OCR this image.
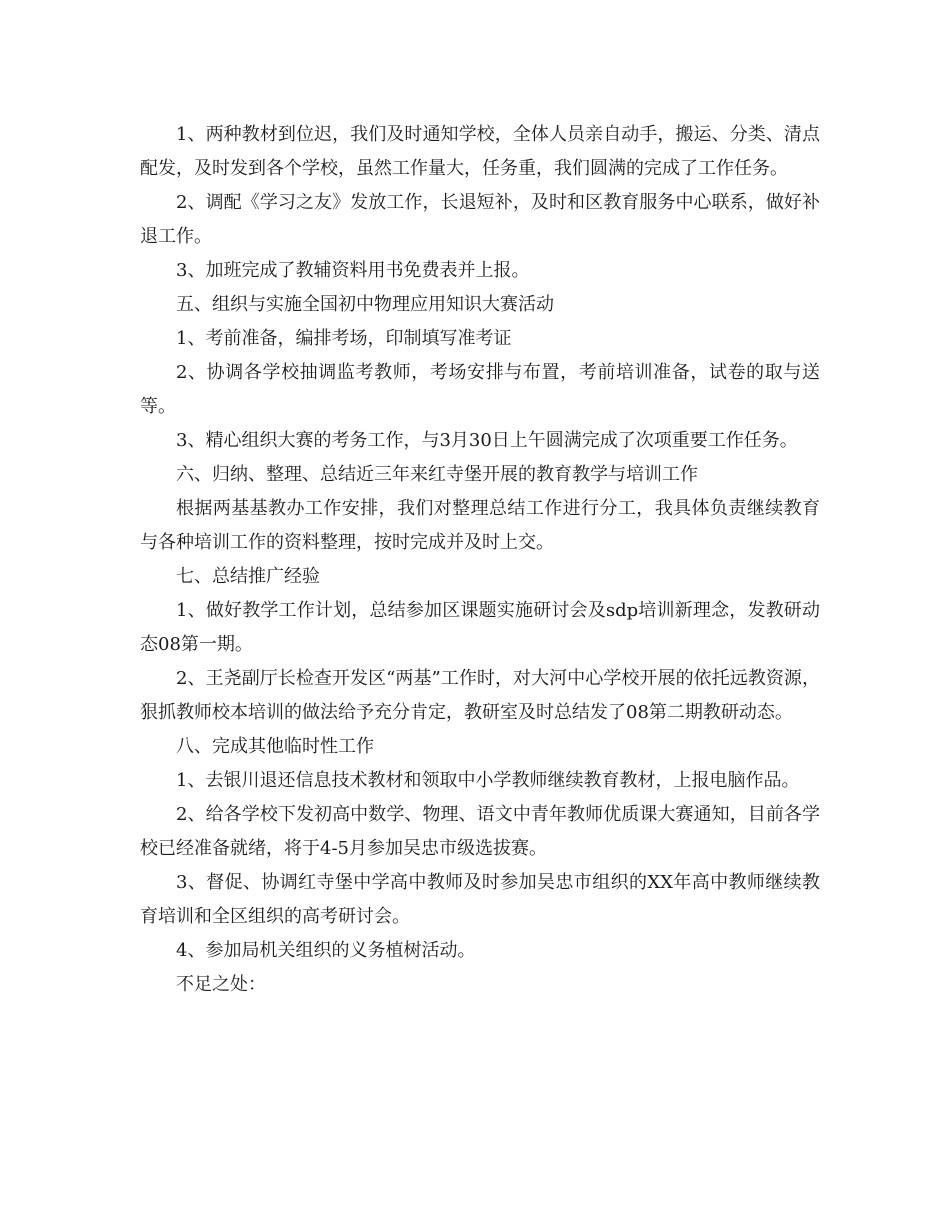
1、两种教材到位迟，我们及时通知学校，全体人员亲自动手，搬运、分类、清点配发，及时发到各个学校，虽然工作量大，任务重，我们圆满的完成了工作任务。

2、调配《学习之友》发放工作，长退短补，及时和区教育服务中心联系，做好补退工作。

3、加班完成了教辅资料用书免费表并上报。

五、组织与实施全国初中物理应用知识大赛活动

1、考前准备，编排考场，印制填写准考证

2、协调各学校抽调监考教师，考场安排与布置，考前培训准备，试卷的取与送等。

3、精心组织大赛的考务工作，与3月30日上午圆满完成了次项重要工作任务。

六、归纳、整理、总结近三年来红寺堡开展的教育教学与培训工作

根据两基基教办工作安排，我们对整理总结工作进行分工，我具体负责继续教育与各种培训工作的资料整理，按时完成并及时上交。

七、总结推广经验

1、做好教学工作计划，总结参加区课题实施研讨会及sdp培训新理念，发教研动态08第一期。

2、王尧副厅长检查开发区“两基”工作时，对大河中心学校开展的依托远教资源，狠抓教师校本培训的做法给予充分肯定，教研室及时总结发了08第二期教研动态。

八、完成其他临时性工作

1、去银川退还信息技术教材和领取中小学教师继续教育教材，上报电脑作品。

2、给各学校下发初高中数学、物理、语文中青年教师优质课大赛通知，目前各学校已经准备就绪，将于4-5月参加吴忠市级选拔赛。

3、督促、协调红寺堡中学高中教师及时参加吴忠市组织的XX年高中教师继续教育培训和全区组织的高考研讨会。

4、参加局机关组织的义务植树活动。

不足之处：
